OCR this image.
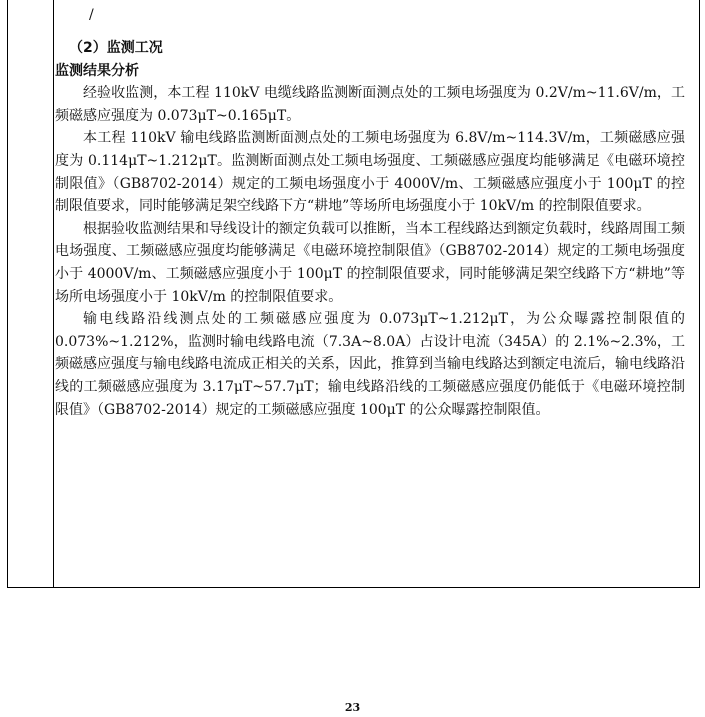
/
（2）监测工况
监测结果分析

经验收监测，本工程 110kV 电缆线路监测断面测点处的工频电场强度为 0.2V/m~11.6V/m，工频磁感应强度为 0.073μT~0.165μT。

本工程 110kV 输电线路监测断面测点处的工频电场强度为 6.8V/m~114.3V/m，工频磁感应强度为 0.114μT~1.212μT。监测断面测点处工频电场强度、工频磁感应强度均能够满足《电磁环境控制限值》（GB8702-2014）规定的工频电场强度小于 4000V/m、工频磁感应强度小于 100μT 的控制限值要求，同时能够满足架空线路下方“耕地”等场所电场强度小于 10kV/m 的控制限值要求。

根据验收监测结果和导线设计的额定负载可以推断，当本工程线路达到额定负载时，线路周围工频电场强度、工频磁感应强度均能够满足《电磁环境控制限值》（GB8702-2014）规定的工频电场强度小于 4000V/m、工频磁感应强度小于 100μT 的控制限值要求，同时能够满足架空线路下方“耕地”等场所电场强度小于 10kV/m 的控制限值要求。

输电线路沿线测点处的工频磁感应强度为 0.073μT~1.212μT，为公众曝露控制限值的 0.073%~1.212%，监测时输电线路电流（7.3A~8.0A）占设计电流（345A）的 2.1%~2.3%，工频磁感应强度与输电线路电流成正相关的关系，因此，推算到当输电线路达到额定电流后，输电线路沿线的工频磁感应强度为 3.17μT~57.7μT；输电线路沿线的工频磁感应强度仍能低于《电磁环境控制限值》（GB8702-2014）规定的工频磁感应强度 100μT 的公众曝露控制限值。

23
